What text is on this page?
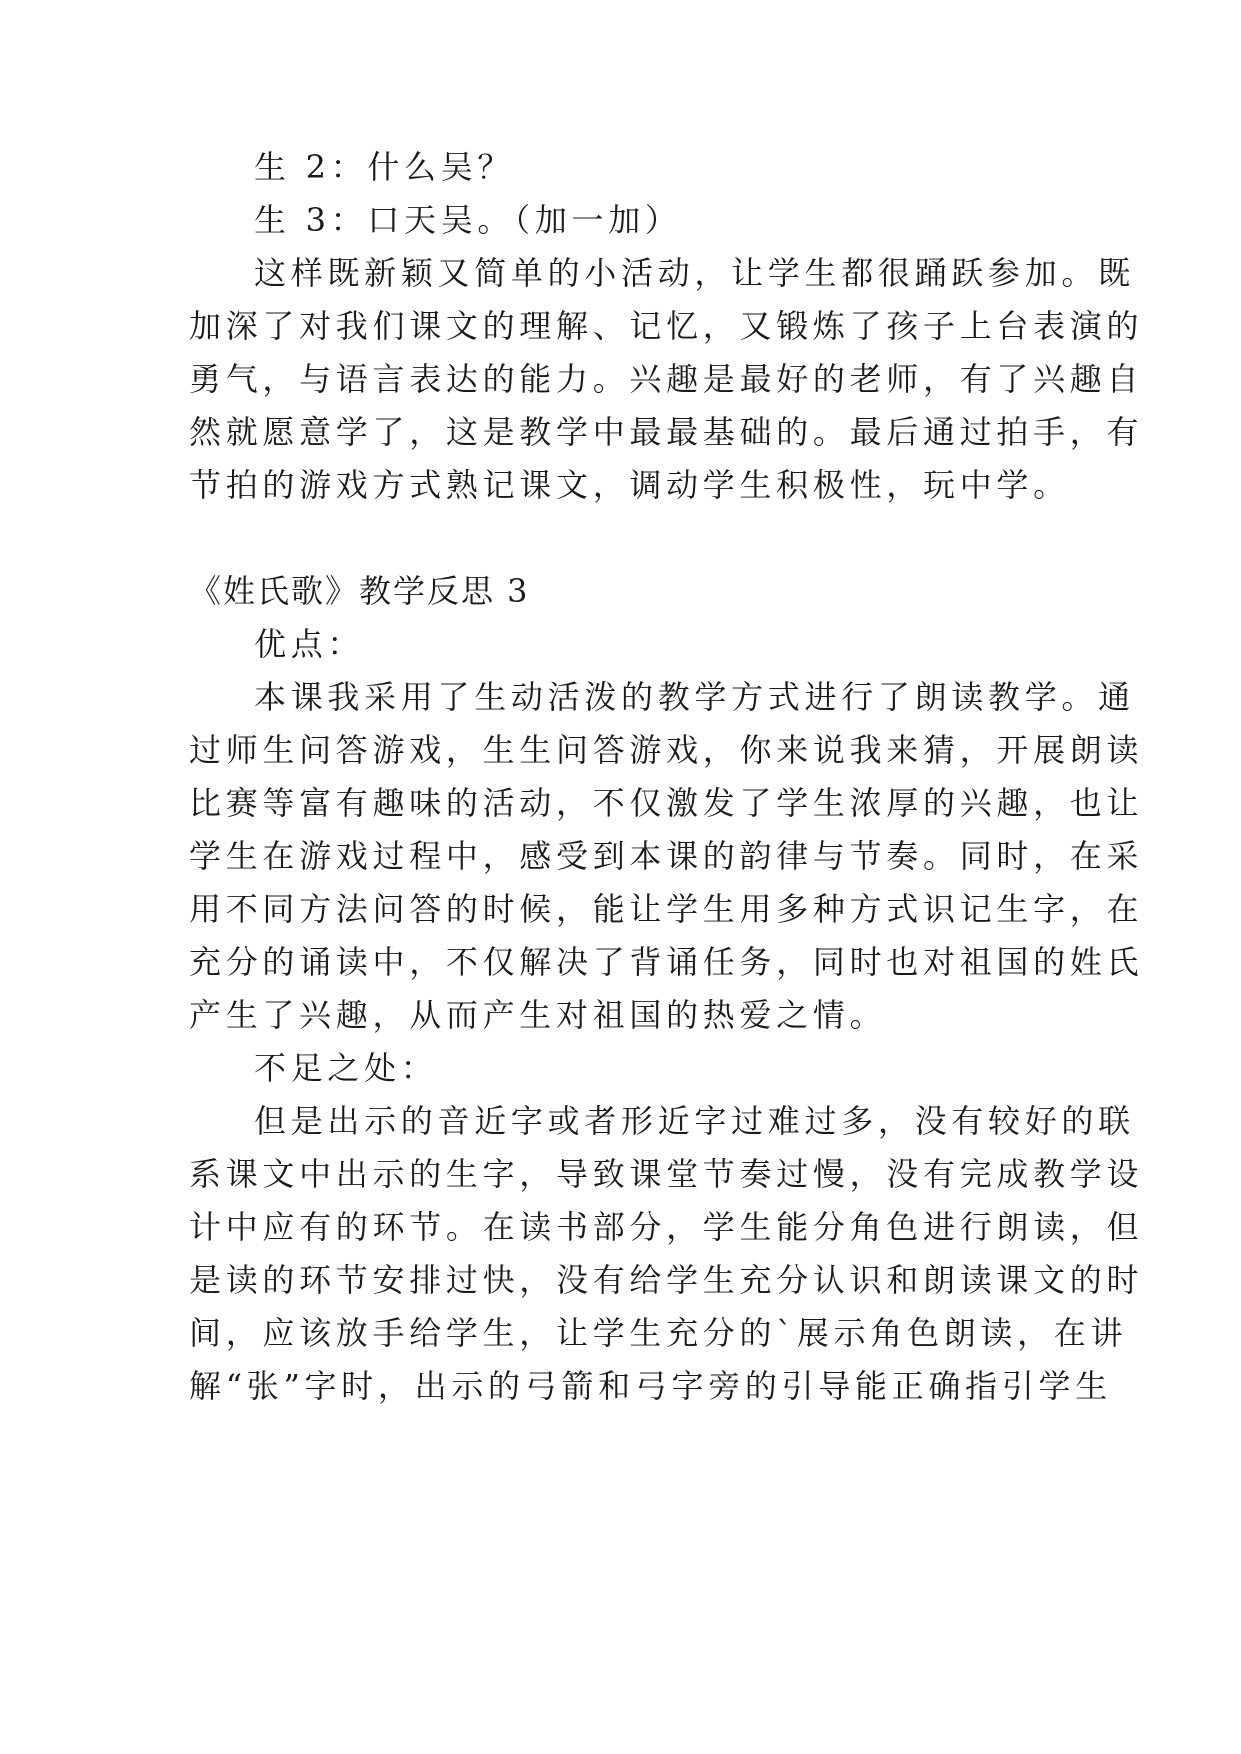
生 2：什么吴？
生 3：口天吴。（加一加）
这样既新颖又简单的小活动，让学生都很踊跃参加。既
加深了对我们课文的理解、记忆，又锻炼了孩子上台表演的
勇气，与语言表达的能力。兴趣是最好的老师，有了兴趣自
然就愿意学了，这是教学中最最基础的。最后通过拍手，有
节拍的游戏方式熟记课文，调动学生积极性，玩中学。
《姓氏歌》教学反思 3
优点：
本课我采用了生动活泼的教学方式进行了朗读教学。通
过师生问答游戏，生生问答游戏，你来说我来猜，开展朗读
比赛等富有趣味的活动，不仅激发了学生浓厚的兴趣，也让
学生在游戏过程中，感受到本课的韵律与节奏。同时，在采
用不同方法问答的时候，能让学生用多种方式识记生字，在
充分的诵读中，不仅解决了背诵任务，同时也对祖国的姓氏
产生了兴趣，从而产生对祖国的热爱之情。
不足之处：
但是出示的音近字或者形近字过难过多，没有较好的联
系课文中出示的生字，导致课堂节奏过慢，没有完成教学设
计中应有的环节。在读书部分，学生能分角色进行朗读，但
是读的环节安排过快，没有给学生充分认识和朗读课文的时
间，应该放手给学生，让学生充分的`展示角色朗读，在讲
解“张”字时，出示的弓箭和弓字旁的引导能正确指引学生
